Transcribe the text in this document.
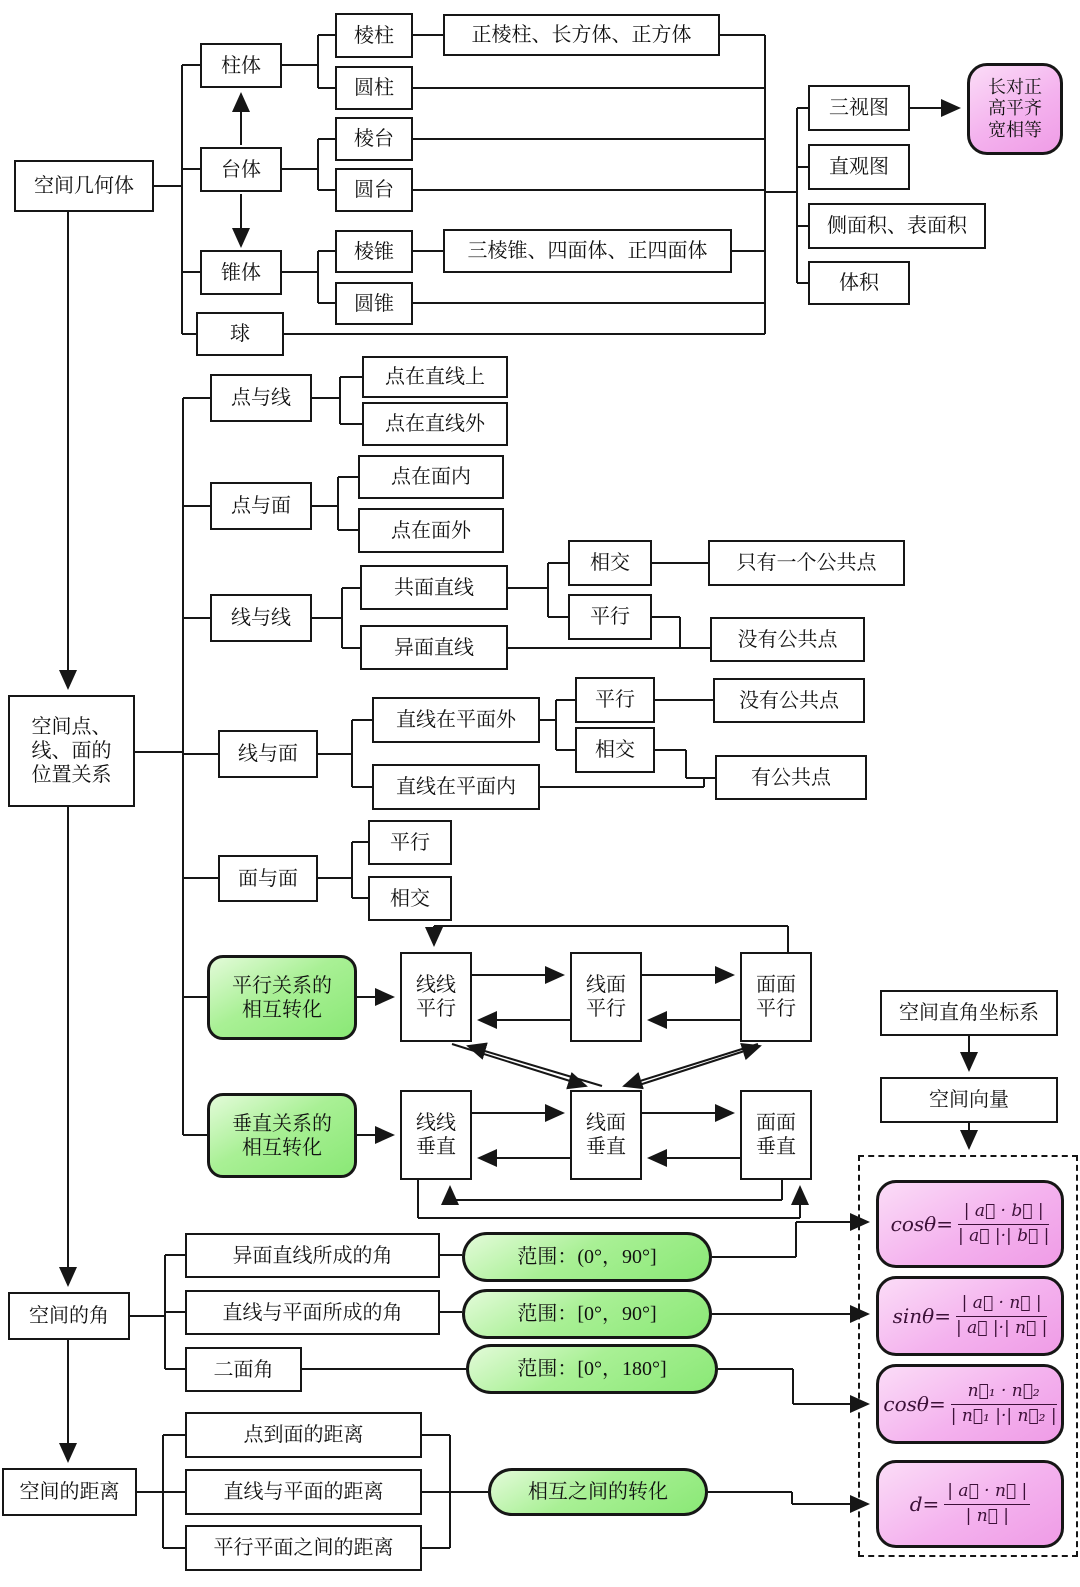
空间几何体
柱体
台体
锥体
球
棱柱
圆柱
棱台
圆台
棱锥
圆锥
正棱柱、长方体、正方体
三棱锥、四面体、正四面体
三视图
直观图
侧面积、表面积
体积
长对正
高平齐
宽相等
空间点、
线、面的
位置关系
点与线
点与面
线与线
线与面
面与面
点在直线上
点在直线外
点在面内
点在面外
共面直线
异面直线
相交
平行
只有一个公共点
没有公共点
直线在平面外
直线在平面内
平行
相交
没有公共点
有公共点
平行
相交
平行关系的
相互转化
垂直关系的
相互转化
线线
平行
线面
平行
面面
平行
线线
垂直
线面
垂直
面面
垂直
空间直角坐标系
空间向量
$\cos\theta= \frac{| a⃗ \cdot b⃗ |}{| a⃗ |\cdot| b⃗ |}$
$\sin\theta= \frac{| a⃗ \cdot n⃗ |}{| a⃗ |\cdot| n⃗ |}$
$\cos\theta= \frac{\text{n⃗₁ · n⃗₂}}{\text{| n⃗₁ |·| n⃗₂ |}}$
$d= \frac{| a⃗ \cdot n⃗ |}{| n⃗ |}$
空间的角
异面直线所成的角
直线与平面所成的角
二面角
范围：(0°，90°]
范围：[0°，90°]
范围：[0°，180°]
空间的距离
点到面的距离
直线与平面的距离
平行平面之间的距离
相互之间的转化
